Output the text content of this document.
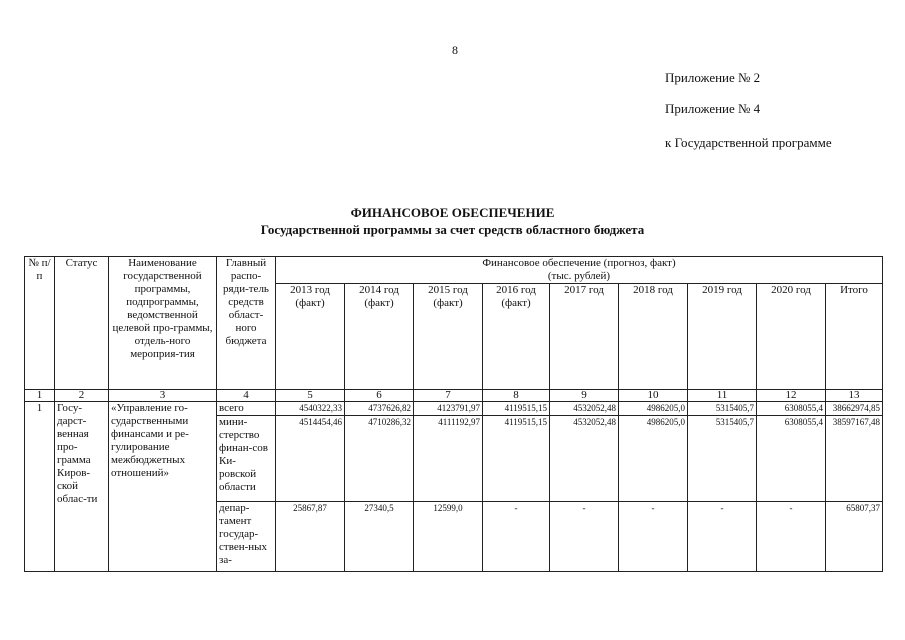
8
Приложение № 2
Приложение № 4
к Государственной программе
ФИНАНСОВОЕ ОБЕСПЕЧЕНИЕ
Государственной программы за счет средств областного бюджета
№ п/п	Статус	Наименование государственной программы, подпрограммы, ведомственной целевой про-граммы, отдель-ного мероприя-тия	Главный распо-ряди-тель средств област-ного бюджета	Финансовое обеспечение (прогноз, факт)
(тыс. рублей)								

				2013 год (факт)	2014 год (факт)	2015 год (факт)	2016 год (факт)	2017 год	2018 год	2019 год	2020 год	Итого
1	2	3	4	5	6	7	8	9	10	11	12	13
1	Госу-дарст-венная про-грамма Киров-ской облас-ти	«Управление го-сударственными финансами и ре-гулирование межбюджетных отношений»	всего	4540322,33	4737626,82	4123791,97	4119515,15	4532052,48	4986205,0	5315405,7	6308055,4	38662974,85
			мини-стерство финан-сов Ки-ровской области	4514454,46	4710286,32	4111192,97	4119515,15	4532052,48	4986205,0	5315405,7	6308055,4	38597167,48
			депар-тамент государ-ствен-ных за-	25867,87	27340,5	12599,0	-	-	-	-	-	65807,37
